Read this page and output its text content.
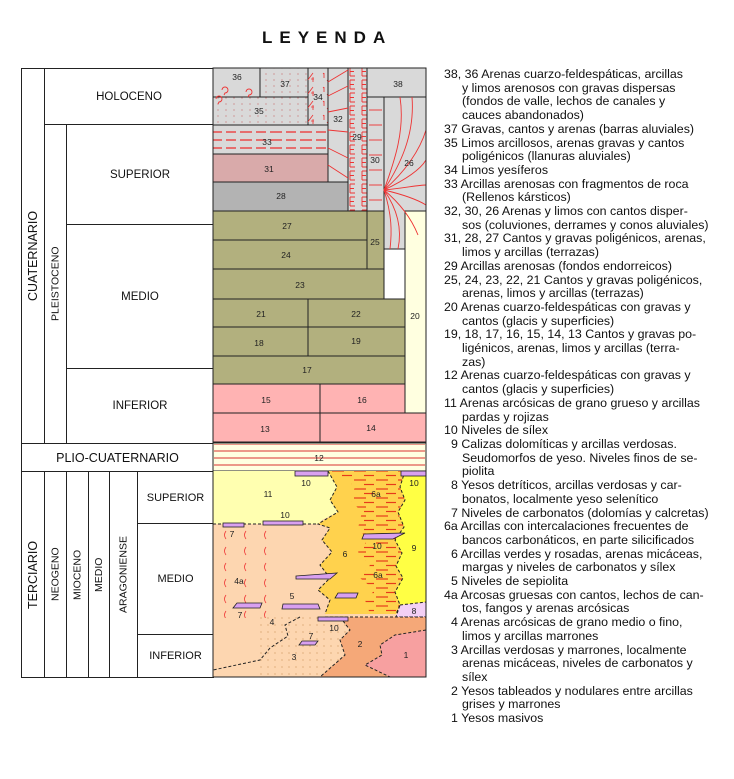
LEYENDA
CUATERNARIO
HOLOCENO
PLEISTOCENO
SUPERIOR
MEDIO
INFERIOR
PLIO-CUATERNARIO
TERCIARIO NEOGENO MIOCENO MEDIO	ARAGONIENSE
SUPERIOR
MEDIO
INFERIOR
36
37
34
35
32
38
29
30	26
33
31
28
27
25
24
23
21	22	20
18	19
17
15	16
13	14
12
10	10
6a
11
10
7
10	9
6
6a
4a
5
7	8
4
10
7
2
3	1
38, 36 Arenas cuarzo-feldespáticas, arcillas
y limos arenosos con gravas dispersas
(fondos de valle, lechos de canales y
cauces abandonados)
37 Gravas, cantos y arenas (barras aluviales)
35 Limos arcillosos, arenas gravas y cantos
poligénicos (llanuras aluviales)
34 Limos yesíferos
33 Arcillas arenosas con fragmentos de roca
(Rellenos kársticos)
32, 30, 26 Arenas y limos con cantos disper-
sos (coluviones, derrames y conos aluviales)
31, 28, 27 Cantos y gravas poligénicos, arenas,
limos y arcillas (terrazas)
29 Arcillas arenosas (fondos endorreicos)
25, 24, 23, 22, 21 Cantos y gravas poligénicos,
arenas, limos y arcillas (terrazas)
20 Arenas cuarzo-feldespáticas con gravas y
cantos (glacis y superficies)
19, 18, 17, 16, 15, 14, 13 Cantos y gravas po-
ligénicos, arenas, limos y arcillas (terra-
zas)
12 Arenas cuarzo-feldespáticas con gravas y
cantos (glacis y superficies)
11 Arenas arcósicas de grano grueso y arcillas
pardas y rojizas
10 Niveles de sílex
9 Calizas dolomíticas y arcillas verdosas.
Seudomorfos de yeso. Niveles finos de se-
piolita
8 Yesos detríticos, arcillas verdosas y car-
bonatos, localmente yeso selenítico
7 Niveles de carbonatos (dolomías y calcretas)
6a Arcillas con intercalaciones frecuentes de
bancos carbonáticos, en parte silicificados
6 Arcillas verdes y rosadas, arenas micáceas,
margas y niveles de carbonatos y sílex
5 Niveles de sepiolita
4a Arcosas gruesas con cantos, lechos de can-
tos, fangos y arenas arcósicas
4 Arenas arcósicas de grano medio o fino,
limos y arcillas marrones
3 Arcillas verdosas y marrones, localmente
arenas micáceas, niveles de carbonatos y
sílex
2 Yesos tableados y nodulares entre arcillas
grises y marrones
1 Yesos masivos
